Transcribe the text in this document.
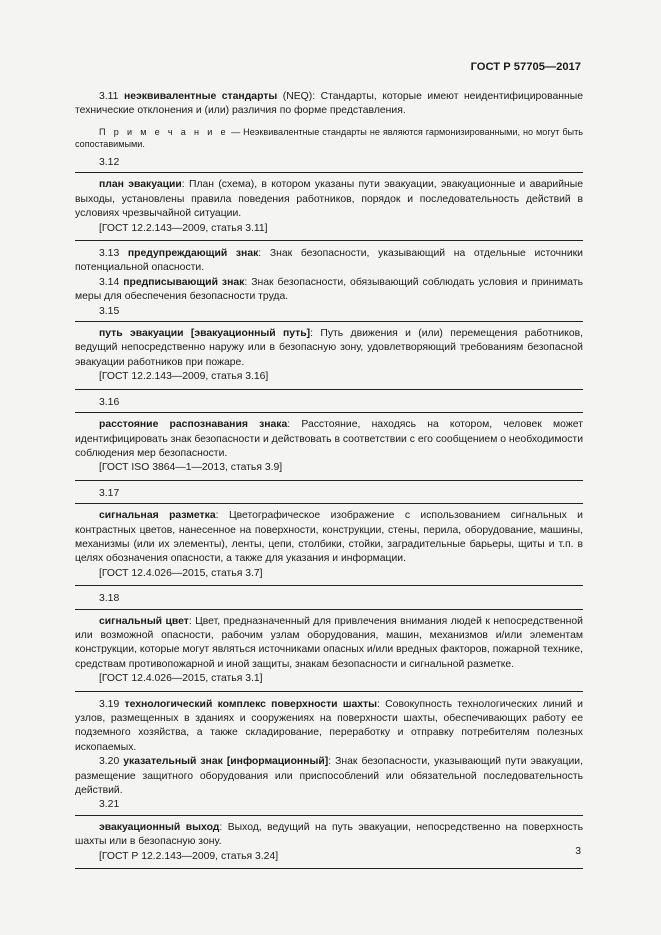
ГОСТ Р 57705—2017

3.11 неэквивалентные стандарты (NEQ): Стандарты, которые имеют неидентифицированные технические отклонения и (или) различия по форме представления.

П р и м е ч а н и е — Неэквивалентные стандарты не являются гармонизированными, но могут быть сопоставимыми.

3.12

план эвакуации: План (схема), в котором указаны пути эвакуации, эвакуационные и аварийные выходы, установлены правила поведения работников, порядок и последовательность действий в условиях чрезвычайной ситуации.

[ГОСТ 12.2.143—2009, статья 3.11]

3.13 предупреждающий знак: Знак безопасности, указывающий на отдельные источники потенциальной опасности.

3.14 предписывающий знак: Знак безопасности, обязывающий соблюдать условия и принимать меры для обеспечения безопасности труда.

3.15

путь эвакуации [эвакуационный путь]: Путь движения и (или) перемещения работников, ведущий непосредственно наружу или в безопасную зону, удовлетворяющий требованиям безопасной эвакуации работников при пожаре.

[ГОСТ 12.2.143—2009, статья 3.16]

3.16

расстояние распознавания знака: Расстояние, находясь на котором, человек может идентифицировать знак безопасности и действовать в соответствии с его сообщением о необходимости соблюдения мер безопасности.

[ГОСТ ISO 3864—1—2013, статья 3.9]

3.17

сигнальная разметка: Цветографическое изображение с использованием сигнальных и контрастных цветов, нанесенное на поверхности, конструкции, стены, перила, оборудование, машины, механизмы (или их элементы), ленты, цепи, столбики, стойки, заградительные барьеры, щиты и т.п. в целях обозначения опасности, а также для указания и информации.

[ГОСТ 12.4.026—2015, статья 3.7]

3.18

сигнальный цвет: Цвет, предназначенный для привлечения внимания людей к непосредственной или возможной опасности, рабочим узлам оборудования, машин, механизмов и/или элементам конструкции, которые могут являться источниками опасных и/или вредных факторов, пожарной технике, средствам противопожарной и иной защиты, знакам безопасности и сигнальной разметке.

[ГОСТ 12.4.026—2015, статья 3.1]

3.19 технологический комплекс поверхности шахты: Совокупность технологических линий и узлов, размещенных в зданиях и сооружениях на поверхности шахты, обеспечивающих работу ее подземного хозяйства, а также складирование, переработку и отправку потребителям полезных ископаемых.

3.20 указательный знак [информационный]: Знак безопасности, указывающий пути эвакуации, размещение защитного оборудования или приспособлений или обязательной последовательность действий.

3.21

эвакуационный выход: Выход, ведущий на путь эвакуации, непосредственно на поверхность шахты или в безопасную зону.

[ГОСТ Р 12.2.143—2009, статья 3.24]	3
